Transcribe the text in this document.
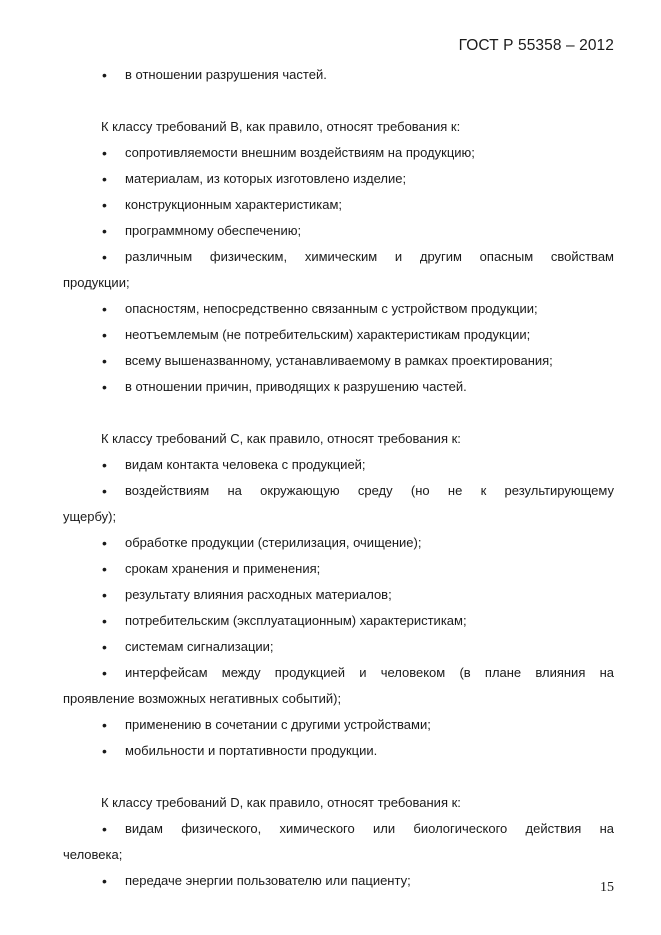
ГОСТ Р 55358 – 2012
• в отношении разрушения частей.
К классу требований В, как правило, относят требования к:
• сопротивляемости внешним воздействиям на продукцию;
• материалам, из которых изготовлено изделие;
• конструкционным характеристикам;
• программному обеспечению;
• различным физическим, химическим и другим опасным свойствам
продукции;
• опасностям, непосредственно связанным с устройством продукции;
• неотъемлемым (не потребительским) характеристикам продукции;
• всему вышеназванному, устанавливаемому в рамках проектирования;
• в отношении причин, приводящих к разрушению частей.
К классу требований С, как правило, относят требования к:
• видам контакта человека с продукцией;
• воздействиям на окружающую среду (но не к результирующему
ущербу);
• обработке продукции (стерилизация, очищение);
• срокам хранения и применения;
• результату влияния расходных материалов;
• потребительским (эксплуатационным) характеристикам;
• системам сигнализации;
• интерфейсам между продукцией и человеком (в плане влияния на
проявление возможных негативных событий);
• применению в сочетании с другими устройствами;
• мобильности и портативности продукции.
К классу требований D, как правило, относят требования к:
• видам физического, химического или биологического действия на
человека;
• передаче энергии пользователю или пациенту;	15
